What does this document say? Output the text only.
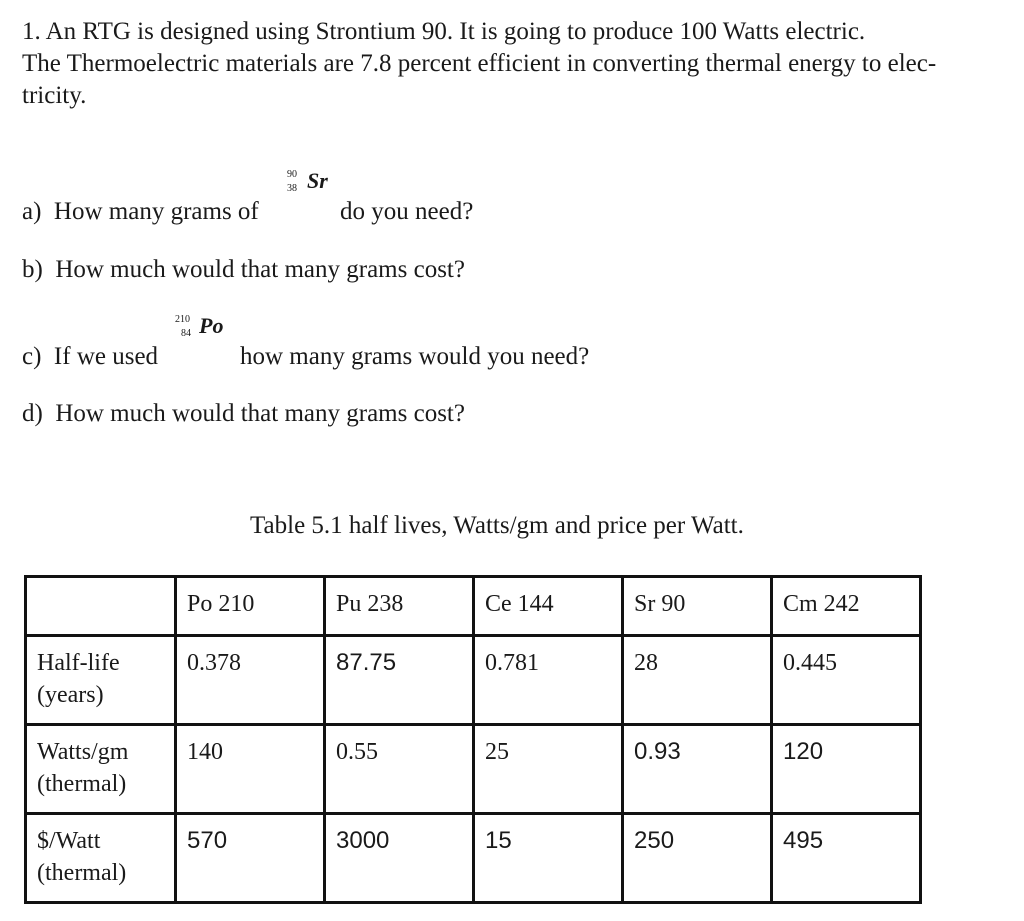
1. An RTG is designed using Strontium 90. It is going to produce 100 Watts electric.

The Thermoelectric materials are 7.8 percent efficient in converting thermal energy to elec-

tricity.

a) How many grams of
90
38 Sr
do you need?
b) How much would that many grams cost?
c) If we used
210
84 Po
how many grams would you need?
d) How much would that many grams cost?
Table 5.1 half lives, Watts/gm and price per Watt.
	Po 210	Pu 238	Ce 144	Sr 90	Cm 242

Half-life
(years)	0.378	87.75	0.781	28	0.445

Watts/gm
(thermal)	140	0.55	25	0.93	120

$/Watt
(thermal)	570	3000	15	250	495
